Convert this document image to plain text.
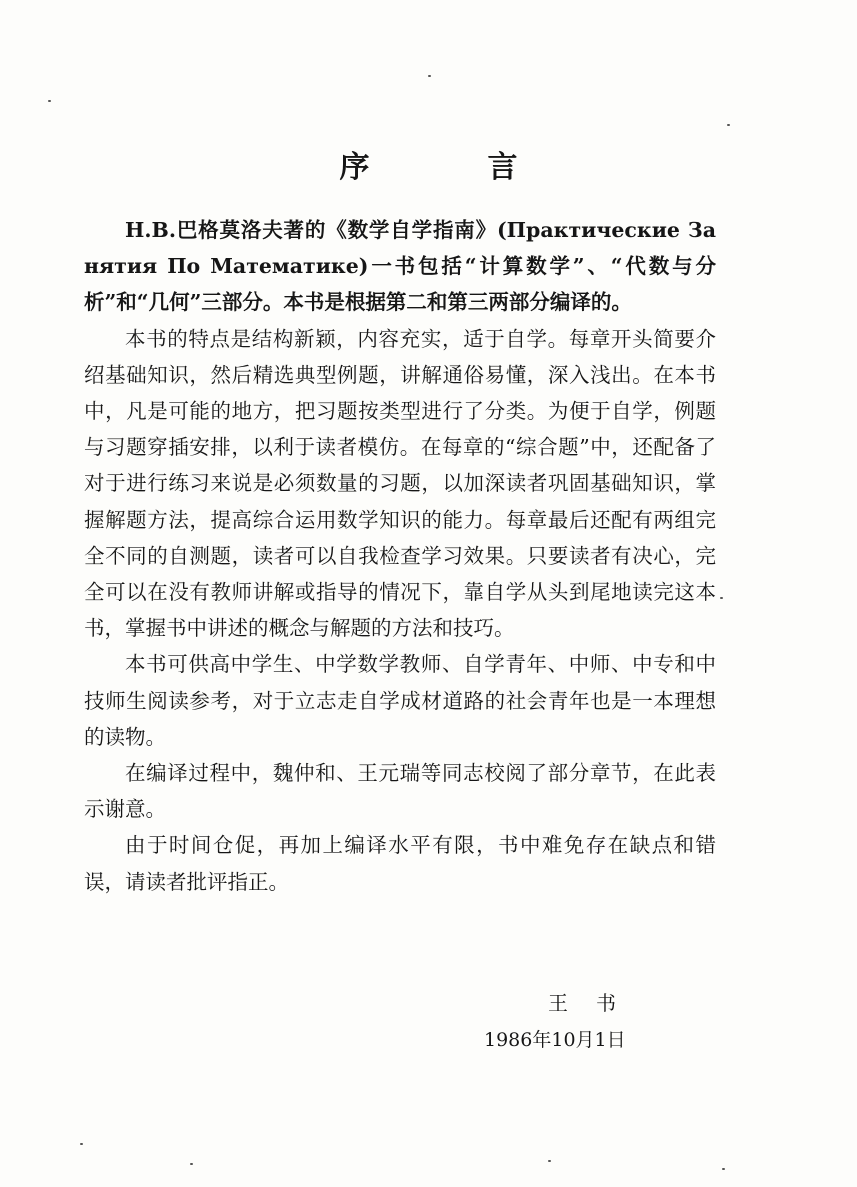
序　言

Н.В.巴格莫洛夫著的《数学自学指南》(Практические Занятия По Математике)一书包括“计算数学”、“代数与分析”和“几何”三部分。本书是根据第二和第三两部分编译的。

本书的特点是结构新颖，内容充实，适于自学。每章开头简要介绍基础知识，然后精选典型例题，讲解通俗易懂，深入浅出。在本书中，凡是可能的地方，把习题按类型进行了分类。为便于自学，例题与习题穿插安排，以利于读者模仿。在每章的“综合题”中，还配备了对于进行练习来说是必须数量的习题，以加深读者巩固基础知识，掌握解题方法，提高综合运用数学知识的能力。每章最后还配有两组完全不同的自测题，读者可以自我检查学习效果。只要读者有决心，完全可以在没有教师讲解或指导的情况下，靠自学从头到尾地读完这本书，掌握书中讲述的概念与解题的方法和技巧。

本书可供高中学生、中学数学教师、自学青年、中师、中专和中技师生阅读参考，对于立志走自学成材道路的社会青年也是一本理想的读物。

在编译过程中，魏仲和、王元瑞等同志校阅了部分章节，在此表示谢意。

由于时间仓促，再加上编译水平有限，书中难免存在缺点和错误，请读者批评指正。

王书
1986年10月1日
